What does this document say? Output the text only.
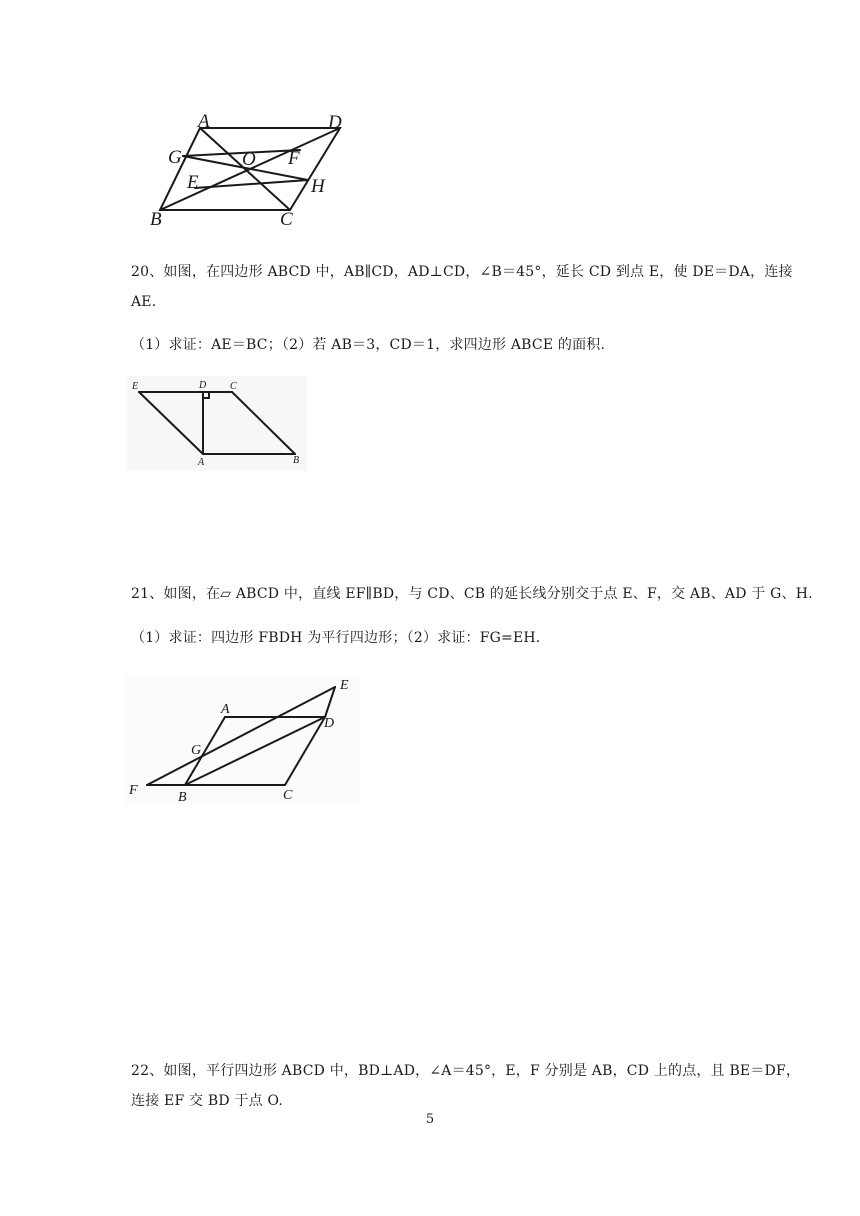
A	D
G	O F
E	H
B	C
20、如图，在四边形 ABCD 中，AB∥CD，AD⊥CD，∠B＝45°，延长 CD 到点 E，使 DE＝DA，连接
AE.
（1）求证：AE＝BC；（2）若 AB＝3，CD＝1，求四边形 ABCE 的面积.
E	D C
A	B
21、如图，在▱ ABCD 中，直线 EF∥BD，与 CD、CB 的延长线分别交于点 E、F，交 AB、AD 于 G、H.
（1）求证：四边形 FBDH 为平行四边形；（2）求证：FG=EH.
A
E
D
G
F	B	C
22、如图，平行四边形 ABCD 中，BD⊥AD，∠A＝45°，E，F 分别是 AB，CD 上的点，且 BE＝DF，
连接 EF 交 BD 于点 O.
5
